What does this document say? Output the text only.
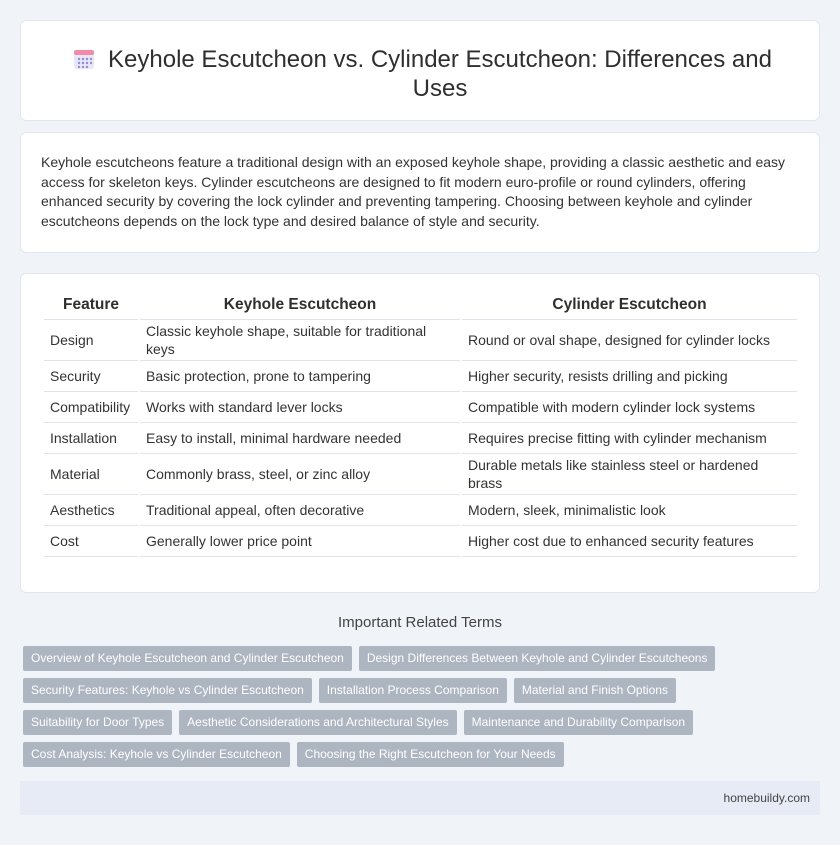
Keyhole Escutcheon vs. Cylinder Escutcheon: Differences and Uses

Keyhole escutcheons feature a traditional design with an exposed keyhole shape, providing a classic aesthetic and easy access for skeleton keys. Cylinder escutcheons are designed to fit modern euro-profile or round cylinders, offering enhanced security by covering the lock cylinder and preventing tampering. Choosing between keyhole and cylinder escutcheons depends on the lock type and desired balance of style and security.

Feature	Keyhole Escutcheon	Cylinder Escutcheon
Design	Classic keyhole shape, suitable for traditional keys	Round or oval shape, designed for cylinder locks
Security	Basic protection, prone to tampering	Higher security, resists drilling and picking
Compatibility	Works with standard lever locks	Compatible with modern cylinder lock systems
Installation	Easy to install, minimal hardware needed	Requires precise fitting with cylinder mechanism
Material	Commonly brass, steel, or zinc alloy	Durable metals like stainless steel or hardened brass
Aesthetics	Traditional appeal, often decorative	Modern, sleek, minimalistic look
Cost	Generally lower price point	Higher cost due to enhanced security features
Important Related Terms
Overview of Keyhole Escutcheon and Cylinder Escutcheon	Design Differences Between Keyhole and Cylinder Escutcheons
Security Features: Keyhole vs Cylinder Escutcheon	Installation Process Comparison	Material and Finish Options
Suitability for Door Types	Aesthetic Considerations and Architectural Styles	Maintenance and Durability Comparison
Cost Analysis: Keyhole vs Cylinder Escutcheon	Choosing the Right Escutcheon for Your Needs
homebuildy.com
